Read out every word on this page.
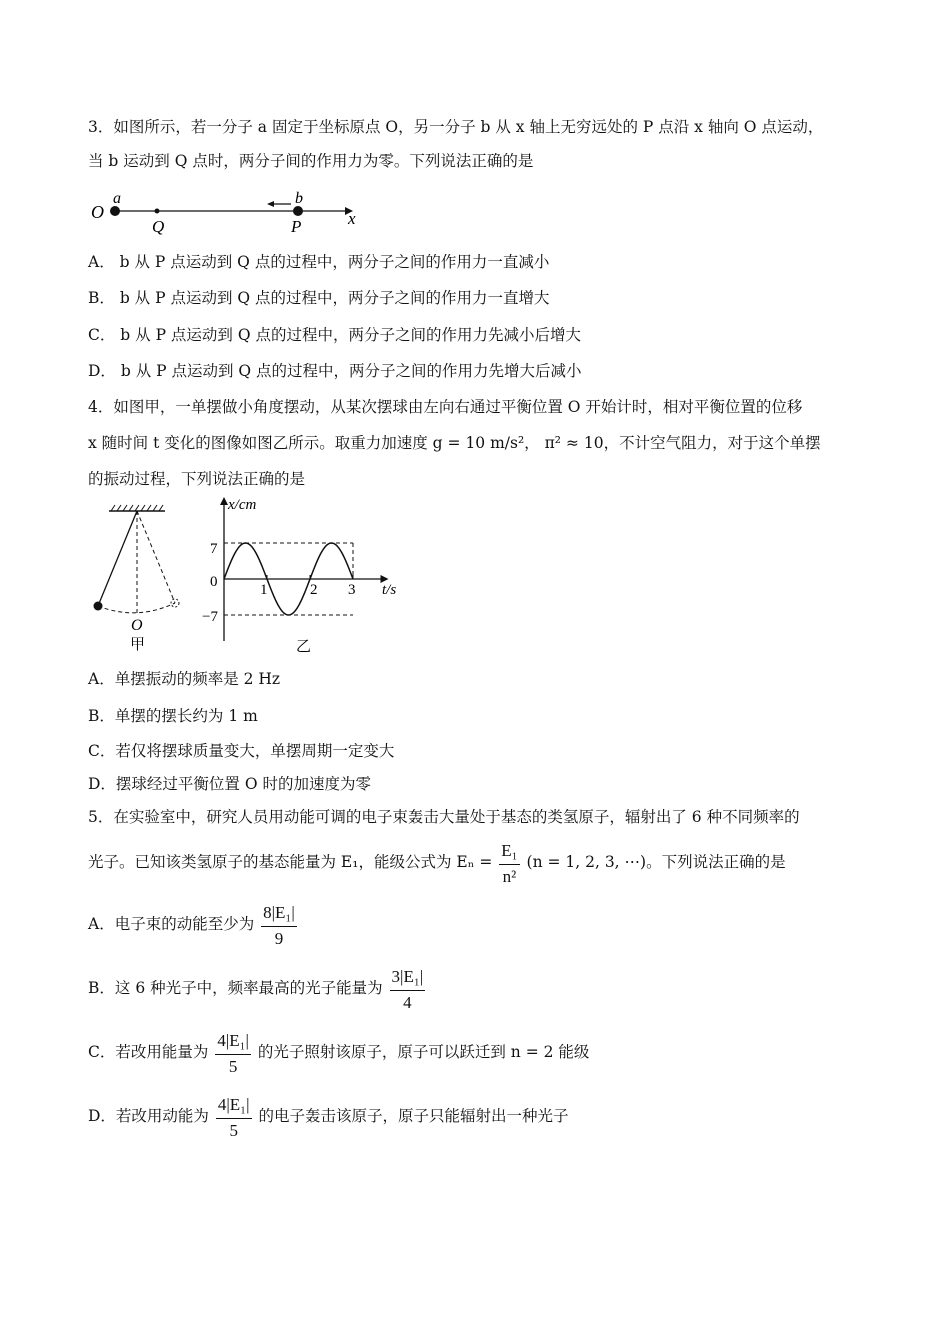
3．如图所示，若一分子 a 固定于坐标原点 O，另一分子 b 从 x 轴上无穷远处的 P 点沿 x 轴向 O 点运动，
当 b 运动到 Q 点时，两分子间的作用力为零。下列说法正确的是
O
a
Q
b
P	x
A． b 从 P 点运动到 Q 点的过程中，两分子之间的作用力一直减小
B． b 从 P 点运动到 Q 点的过程中，两分子之间的作用力一直增大
C． b 从 P 点运动到 Q 点的过程中，两分子之间的作用力先减小后增大
D． b 从 P 点运动到 Q 点的过程中，两分子之间的作用力先增大后减小
4．如图甲，一单摆做小角度摆动，从某次摆球由左向右通过平衡位置 O 开始计时，相对平衡位置的位移
x 随时间 t 变化的图像如图乙所示。取重力加速度 g = 10 m/s²， π² ≈ 10，不计空气阻力，对于这个单摆
的振动过程，下列说法正确的是
O
甲
x/cm
t/s
7
0
−7
1	2 3
乙
A．单摆振动的频率是 2 Hz
B．单摆的摆长约为 1 m
C．若仅将摆球质量变大，单摆周期一定变大
D．摆球经过平衡位置 O 时的加速度为零
5．在实验室中，研究人员用动能可调的电子束轰击大量处于基态的类氢原子，辐射出了 6 种不同频率的
光子。已知该类氢原子的基态能量为 E₁，能级公式为 $E_n = \frac{\text{E₁}}{\text{n²}} (n = 1$, 2, 3, ⋯)。下列说法正确的是
A．电子束的动能至少为 $\frac{\text{8|E₁|}}{9}$
B．这 6 种光子中，频率最高的光子能量为 $\frac{\text{3|E₁|}}{4}$
C．若改用能量为 $\frac{\text{4|E₁|}}{5}$ 的光子照射该原子，原子可以跃迁到 n = 2 能级
D．若改用动能为 $\frac{\text{4|E₁|}}{5}$ 的电子轰击该原子，原子只能辐射出一种光子
